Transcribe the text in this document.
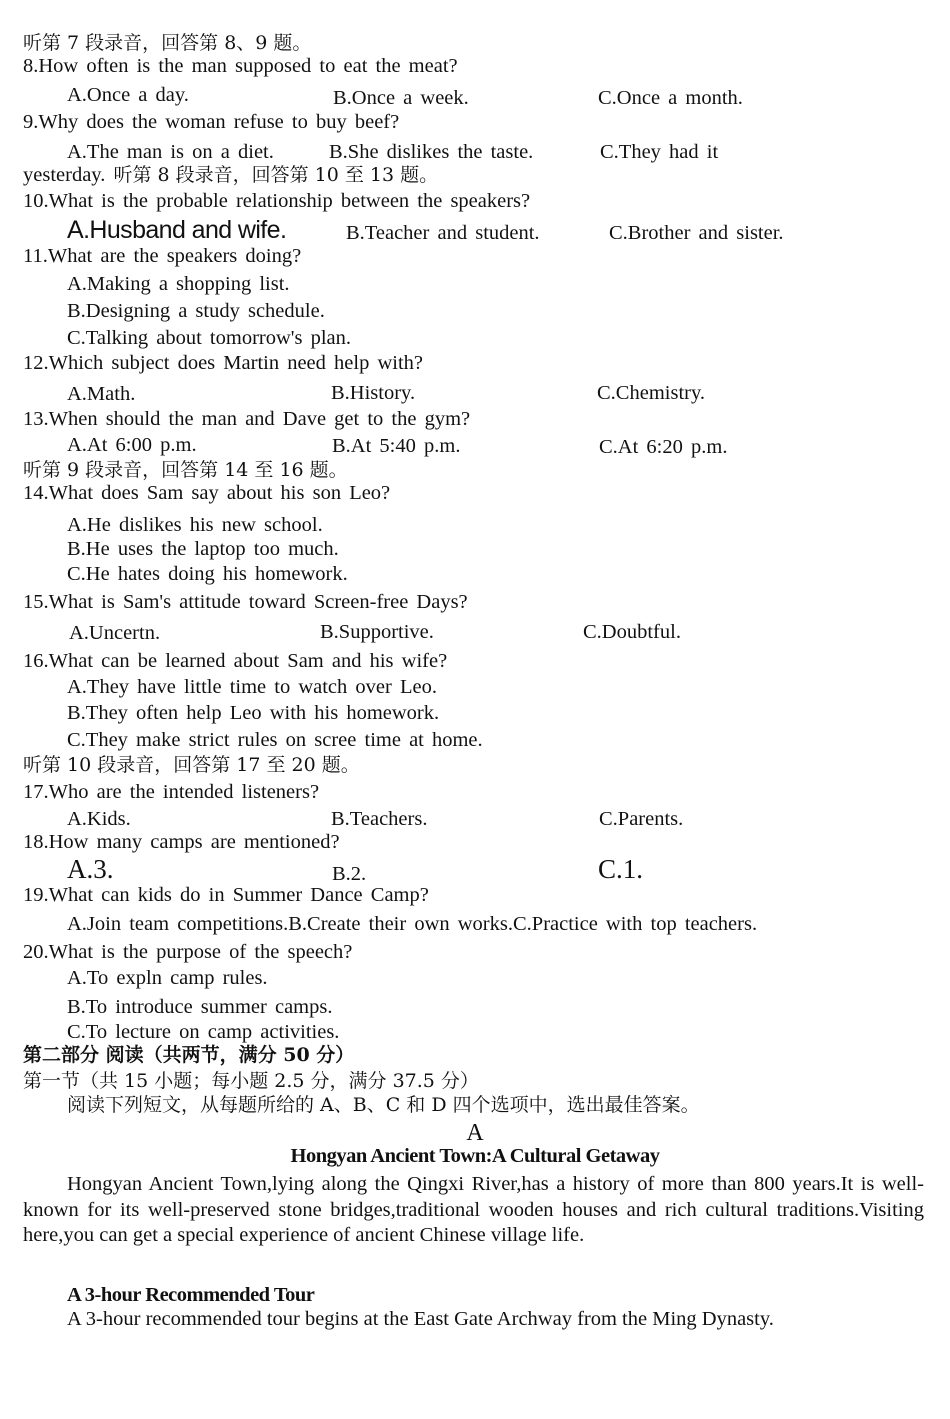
听第 7 段录音，回答第 8、9 题。
8.How often is the man supposed to eat the meat?
A.Once a day.	B.Once a week.	C.Once a month.
9.Why does the woman refuse to buy beef?
A.The man is on a diet.	B.She dislikes the taste.	C.They had it
yesterday. 听第 8 段录音，回答第 10 至 13 题。
10.What is the probable relationship between the speakers?
A.Husband and wife.	B.Teacher and student.	C.Brother and sister.
11.What are the speakers doing?
A.Making a shopping list.
B.Designing a study schedule.
C.Talking about tomorrow's plan.
12.Which subject does Martin need help with?
A.Math.	B.History.	C.Chemistry.
13.When should the man and Dave get to the gym?
A.At 6:00 p.m.	B.At 5:40 p.m.	C.At 6:20 p.m.
听第 9 段录音，回答第 14 至 16 题。
14.What does Sam say about his son Leo?
A.He dislikes his new school.
B.He uses the laptop too much.
C.He hates doing his homework.
15.What is Sam's attitude toward Screen-free Days?
A.Uncertn.	B.Supportive.	C.Doubtful.
16.What can be learned about Sam and his wife?
A.They have little time to watch over Leo.
B.They often help Leo with his homework.
C.They make strict rules on scree time at home.
听第 10 段录音，回答第 17 至 20 题。
17.Who are the intended listeners?
A.Kids.	B.Teachers.	C.Parents.
18.How many camps are mentioned?
A.3.	B.2.	C.1.
19.What can kids do in Summer Dance Camp?
A.Join team competitions.B.Create their own works.C.Practice with top teachers.
20.What is the purpose of the speech?
A.To expln camp rules.
B.To introduce summer camps.
C.To lecture on camp activities.
第二部分 阅读（共两节，满分 50 分）
第一节（共 15 小题；每小题 2.5 分，满分 37.5 分）
阅读下列短文，从每题所给的 A、B、C 和 D 四个选项中，选出最佳答案。
A
Hongyan Ancient Town:A Cultural Getaway
Hongyan Ancient Town,lying along the Qingxi River,has a history of more than 800 years.It is well-known for its well-preserved stone bridges,traditional wooden houses and rich cultural traditions.Visiting here,you can get a special experience of ancient Chinese village life.
A 3-hour Recommended Tour
A 3-hour recommended tour begins at the East Gate Archway from the Ming Dynasty.
